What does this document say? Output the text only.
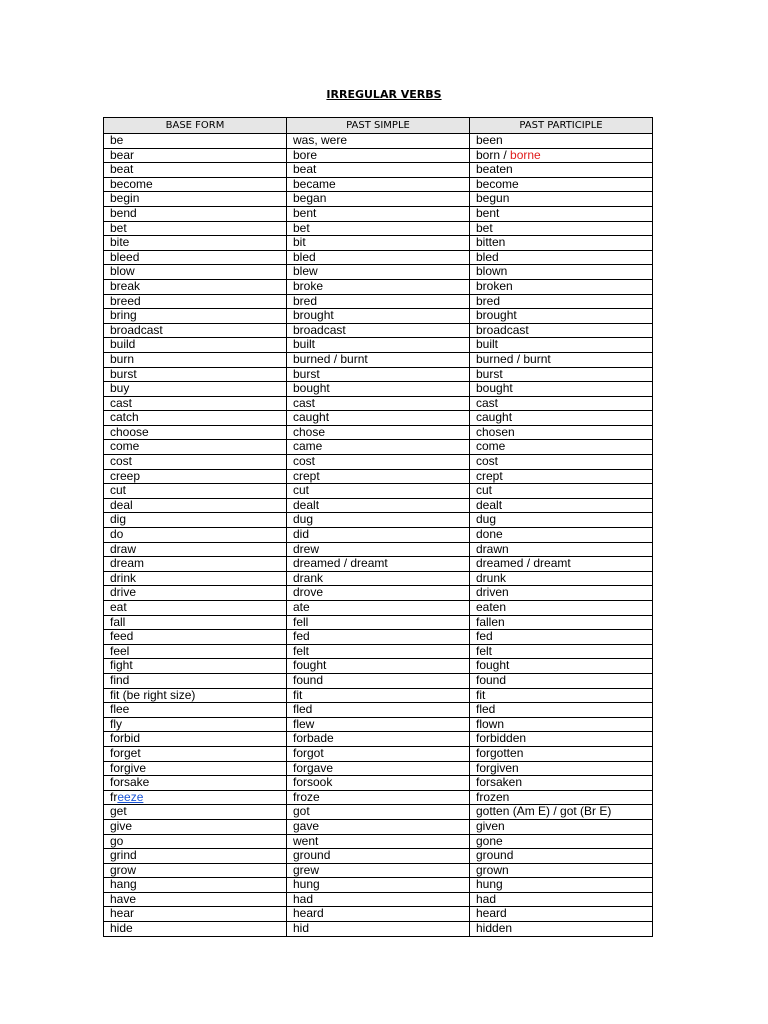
IRREGULAR VERBS
BASE FORM	PAST SIMPLE	PAST PARTICIPLE
be	was, were	been
bear	bore	born / borne
beat	beat	beaten
become	became	become
begin	began	begun
bend	bent	bent
bet	bet	bet
bite	bit	bitten
bleed	bled	bled
blow	blew	blown
break	broke	broken
breed	bred	bred
bring	brought	brought
broadcast	broadcast	broadcast
build	built	built
burn	burned / burnt	burned / burnt
burst	burst	burst
buy	bought	bought
cast	cast	cast
catch	caught	caught
choose	chose	chosen
come	came	come
cost	cost	cost
creep	crept	crept
cut	cut	cut
deal	dealt	dealt
dig	dug	dug
do	did	done
draw	drew	drawn
dream	dreamed / dreamt	dreamed / dreamt
drink	drank	drunk
drive	drove	driven
eat	ate	eaten
fall	fell	fallen
feed	fed	fed
feel	felt	felt
fight	fought	fought
find	found	found
fit (be right size)	fit	fit
flee	fled	fled
fly	flew	flown
forbid	forbade	forbidden
forget	forgot	forgotten
forgive	forgave	forgiven
forsake	forsook	forsaken
freeze	froze	frozen
get	got	gotten (Am E) / got (Br E)
give	gave	given
go	went	gone
grind	ground	ground
grow	grew	grown
hang	hung	hung
have	had	had
hear	heard	heard
hide	hid	hidden
